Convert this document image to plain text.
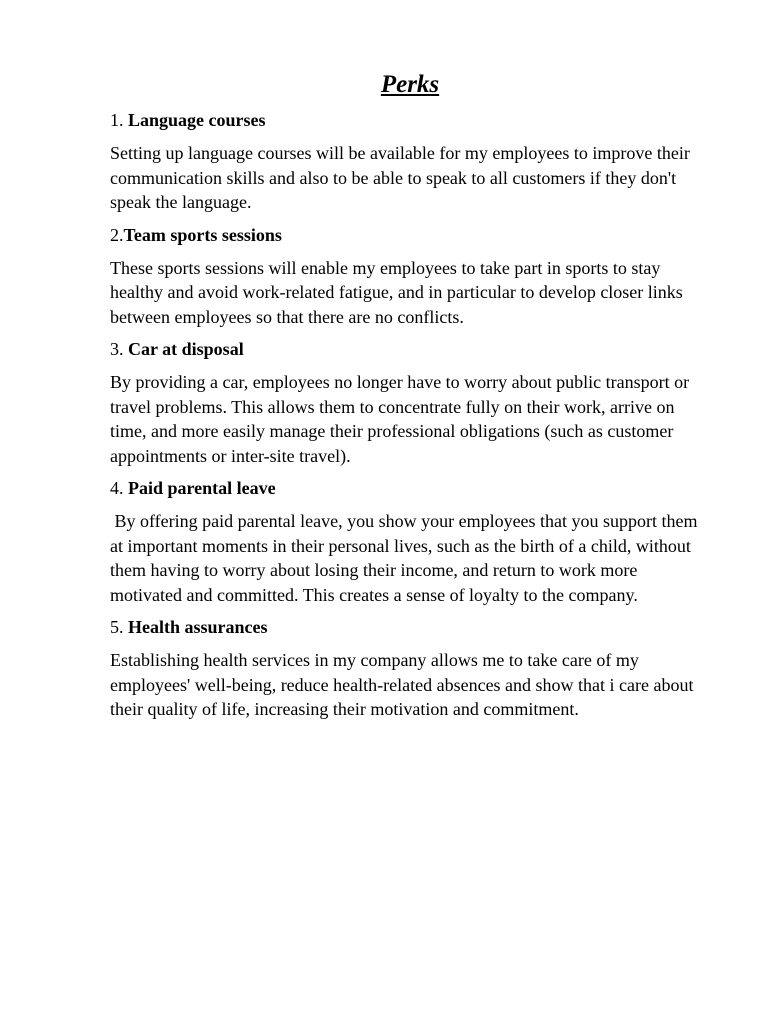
Perks

1. Language courses

Setting up language courses will be available for my employees to improve their communication skills and also to be able to speak to all customers if they don't speak the language.

2.Team sports sessions

These sports sessions will enable my employees to take part in sports to stay healthy and avoid work-related fatigue, and in particular to develop closer links between employees so that there are no conflicts.

3. Car at disposal

By providing a car, employees no longer have to worry about public transport or travel problems. This allows them to concentrate fully on their work, arrive on time, and more easily manage their professional obligations (such as customer appointments or inter-site travel).

4. Paid parental leave

By offering paid parental leave, you show your employees that you support them at important moments in their personal lives, such as the birth of a child, without them having to worry about losing their income, and return to work more motivated and committed. This creates a sense of loyalty to the company.

5. Health assurances

Establishing health services in my company allows me to take care of my employees' well-being, reduce health-related absences and show that i care about their quality of life, increasing their motivation and commitment.
